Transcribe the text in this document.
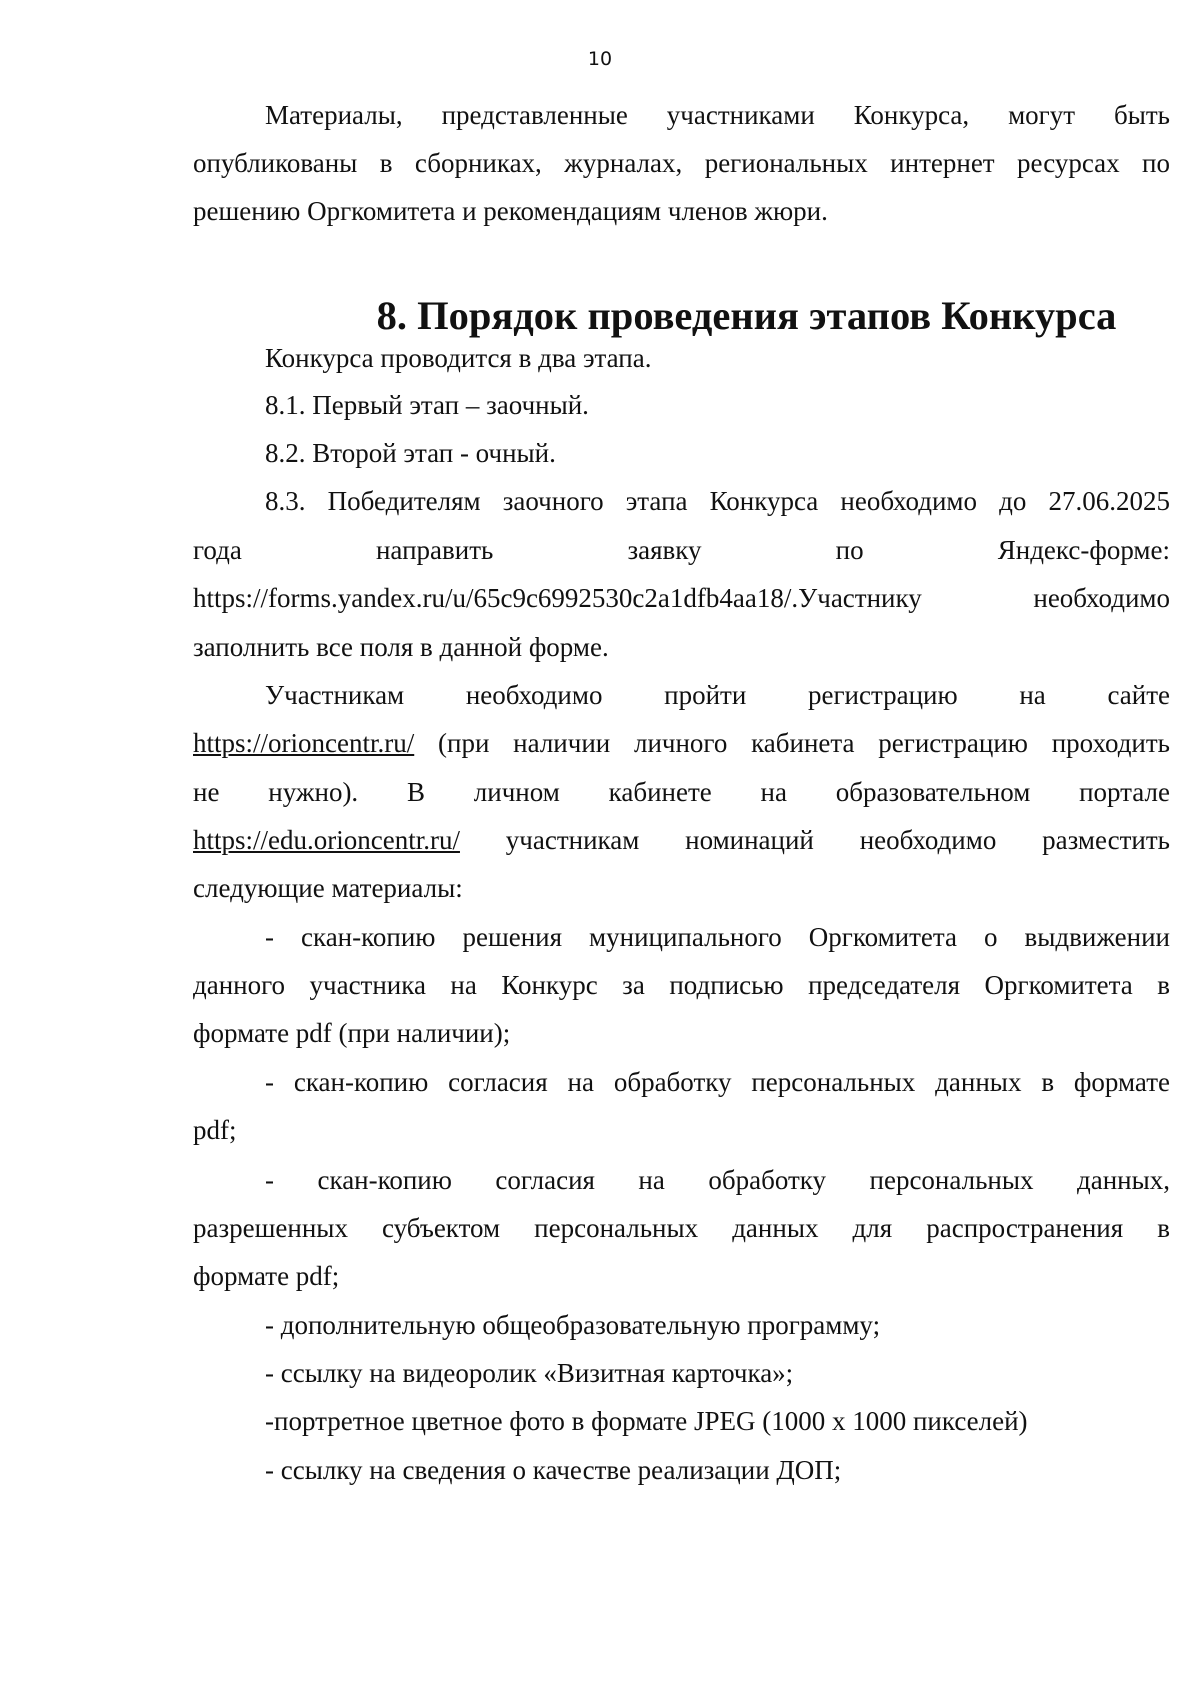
10

Материалы, представленные участниками Конкурса, могут быть

опубликованы в сборниках, журналах, региональных интернет ресурсах по

решению Оргкомитета и рекомендациям членов жюри.

8. Порядок проведения этапов Конкурса

Конкурса проводится в два этапа.

8.1. Первый этап – заочный.

8.2. Второй этап - очный.

8.3. Победителям заочного этапа Конкурса необходимо до 27.06.2025

года направить заявку по Яндекс-форме:

https://forms.yandex.ru/u/65c9c6992530c2a1dfb4aa18/.Участнику необходимо

заполнить все поля в данной форме.

Участникам необходимо пройти регистрацию на сайте

https://orioncentr.ru/ (при наличии личного кабинета регистрацию проходить

не нужно). В личном кабинете на образовательном портале

https://edu.orioncentr.ru/ участникам номинаций необходимо разместить

следующие материалы:

- скан-копию решения муниципального Оргкомитета о выдвижении

данного участника на Конкурс за подписью председателя Оргкомитета в

формате pdf (при наличии);

- скан-копию согласия на обработку персональных данных в формате

pdf;

- скан-копию согласия на обработку персональных данных,

разрешенных субъектом персональных данных для распространения в

формате pdf;

- дополнительную общеобразовательную программу;

- ссылку на видеоролик «Визитная карточка»;

-портретное цветное фото в формате JPEG (1000 х 1000 пикселей)

- ссылку на сведения о качестве реализации ДОП;
